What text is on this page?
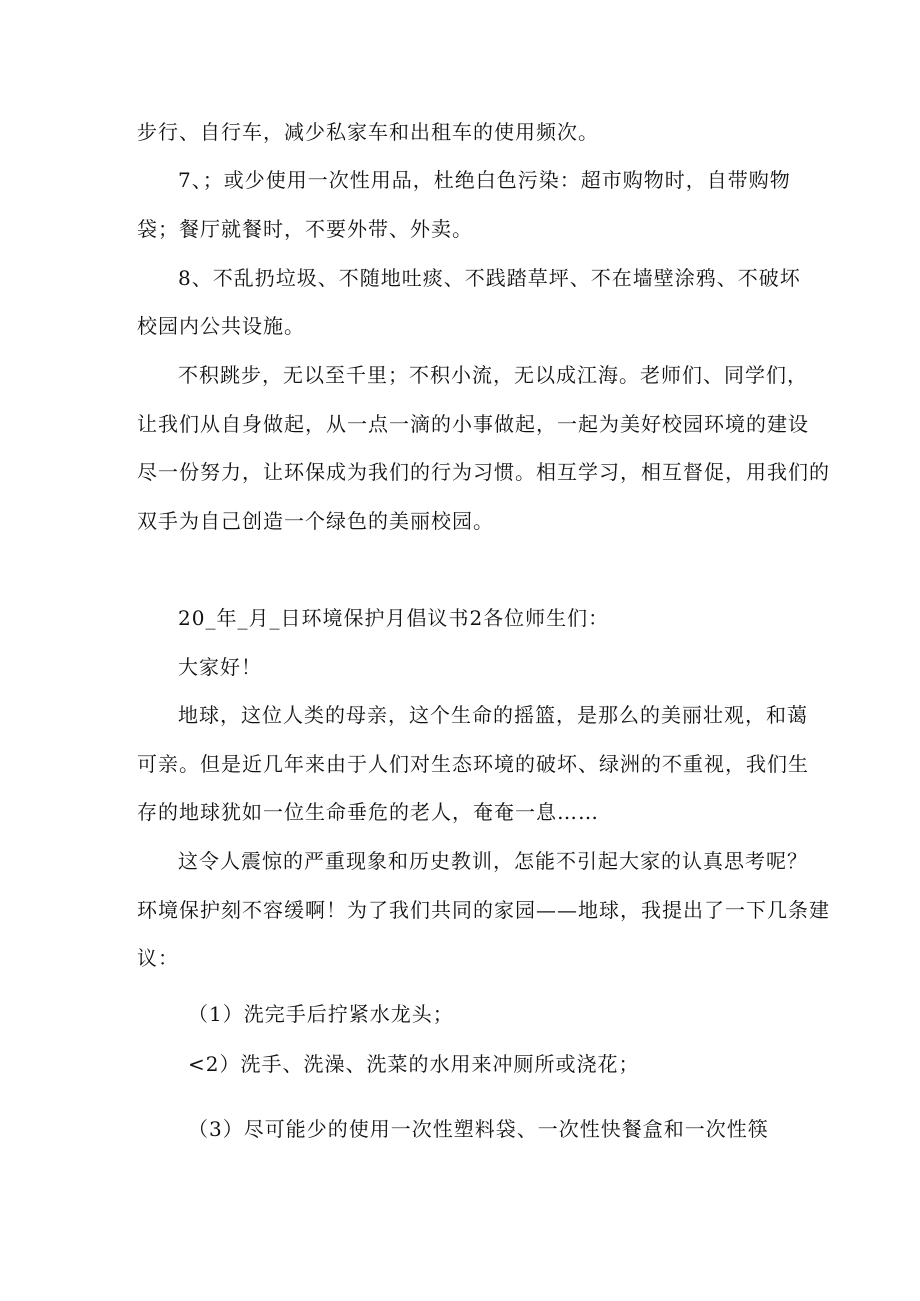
步行、自行车，减少私家车和出租车的使用频次。

7、；或少使用一次性用品，杜绝白色污染：超市购物时，自带购物

袋；餐厅就餐时，不要外带、外卖。

8、不乱扔垃圾、不随地吐痰、不践踏草坪、不在墙壁涂鸦、不破坏

校园内公共设施。

不积跳步，无以至千里；不积小流，无以成江海。老师们、同学们，

让我们从自身做起，从一点一滴的小事做起，一起为美好校园环境的建设

尽一份努力，让环保成为我们的行为习惯。相互学习，相互督促，用我们的

双手为自己创造一个绿色的美丽校园。

20_年_月_日环境保护月倡议书2各位师生们：

大家好！

地球，这位人类的母亲，这个生命的摇篮，是那么的美丽壮观，和蔼

可亲。但是近几年来由于人们对生态环境的破坏、绿洲的不重视，我们生

存的地球犹如一位生命垂危的老人，奄奄一息……

这令人震惊的严重现象和历史教训，怎能不引起大家的认真思考呢？

环境保护刻不容缓啊！为了我们共同的家园——地球，我提出了一下几条建

议：

（1）洗完手后拧紧水龙头；

<2）洗手、洗澡、洗菜的水用来冲厕所或浇花；

（3）尽可能少的使用一次性塑料袋、一次性快餐盒和一次性筷
